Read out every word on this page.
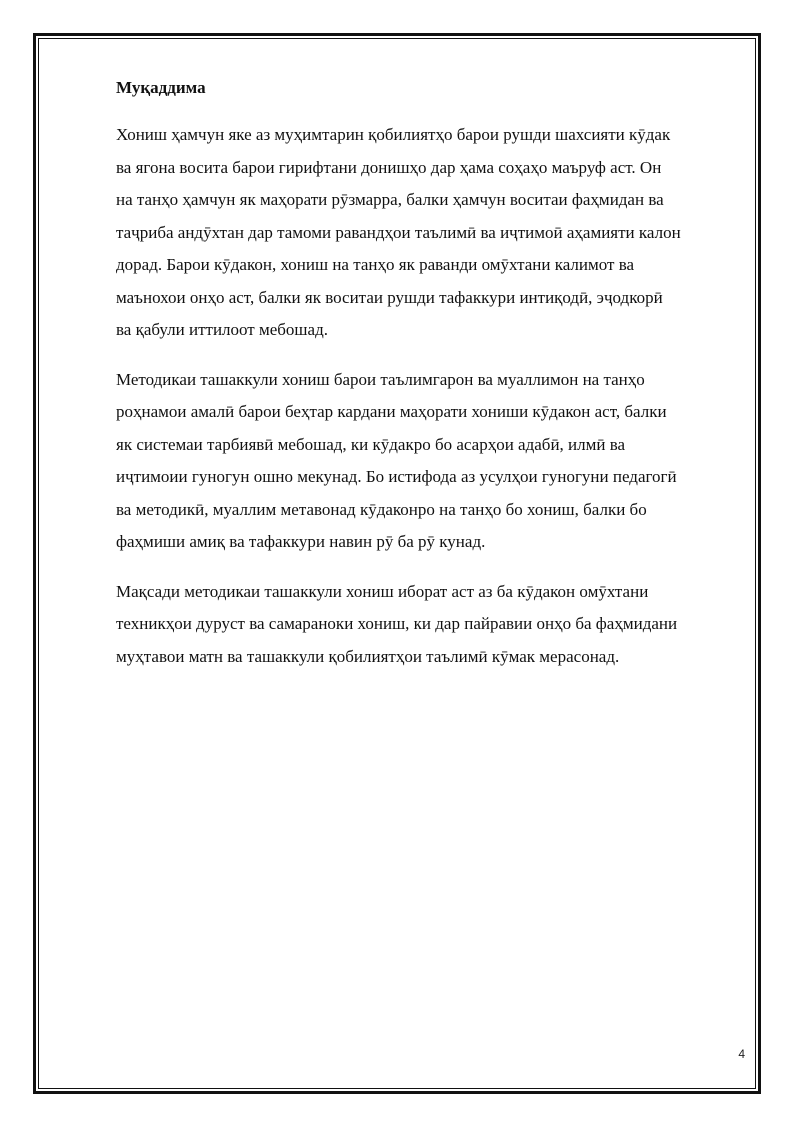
Муқаддима
Хониш ҳамчун яке аз муҳимтарин қобилиятҳо барои рушди шахсияти кӯдак
ва ягона восита барои гирифтани донишҳо дар ҳама соҳаҳо маъруф аст. Он
на танҳо ҳамчун як маҳорати рӯзмарра, балки ҳамчун воситаи фаҳмидан ва
таҷриба андӯхтан дар тамоми равандҳои таълимӣ ва иҷтимоӣ аҳамияти калон
дорад. Барои кӯдакон, хониш на танҳо як раванди омӯхтани калимот ва
маънохои онҳо аст, балки як воситаи рушди тафаккури интиқодӣ, эҷодкорӣ
ва қабули иттилоот мебошад.
Методикаи ташаккули хониш барои таълимгарон ва муаллимон на танҳо
роҳнамои амалӣ барои беҳтар кардани маҳорати хониши кӯдакон аст, балки
як системаи тарбиявӣ мебошад, ки кӯдакро бо асарҳои адабӣ, илмӣ ва
иҷтимоии гуногун ошно мекунад. Бо истифода аз усулҳои гуногуни педагогӣ
ва методикӣ, муаллим метавонад кӯдаконро на танҳо бо хониш, балки бо
фаҳмиши амиқ ва тафаккури навин рӯ ба рӯ кунад.
Мақсади методикаи ташаккули хониш иборат аст аз ба кӯдакон омӯхтани
техникҳои дуруст ва самараноки хониш, ки дар пайравии онҳо ба фаҳмидани
муҳтавои матн ва ташаккули қобилиятҳои таълимӣ кӯмак мерасонад.
4
